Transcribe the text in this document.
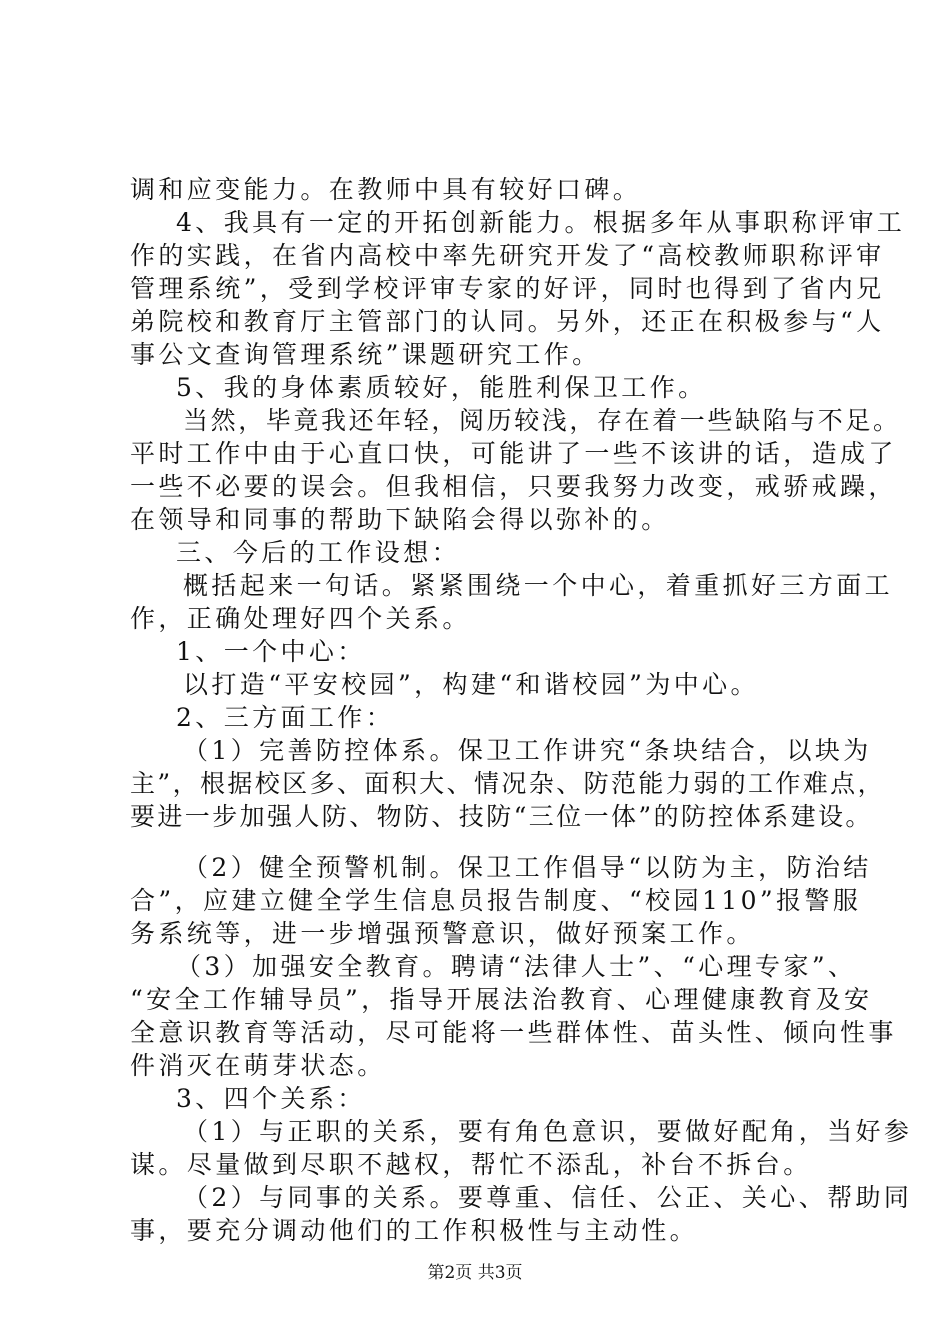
调和应变能力。在教师中具有较好口碑。
4、我具有一定的开拓创新能力。根据多年从事职称评审工
作的实践，在省内高校中率先研究开发了“高校教师职称评审
管理系统”，受到学校评审专家的好评，同时也得到了省内兄
弟院校和教育厅主管部门的认同。另外，还正在积极参与“人
事公文查询管理系统”课题研究工作。
5、我的身体素质较好，能胜利保卫工作。
当然，毕竟我还年轻，阅历较浅，存在着一些缺陷与不足。
平时工作中由于心直口快，可能讲了一些不该讲的话，造成了
一些不必要的误会。但我相信，只要我努力改变，戒骄戒躁，
在领导和同事的帮助下缺陷会得以弥补的。
三、今后的工作设想：
概括起来一句话。紧紧围绕一个中心，着重抓好三方面工
作，正确处理好四个关系。
1、一个中心：
以打造“平安校园”，构建“和谐校园”为中心。
2、三方面工作：
（1）完善防控体系。保卫工作讲究“条块结合，以块为
主”，根据校区多、面积大、情况杂、防范能力弱的工作难点，
要进一步加强人防、物防、技防“三位一体”的防控体系建设。
（2）健全预警机制。保卫工作倡导“以防为主，防治结
合”，应建立健全学生信息员报告制度、“校园110”报警服
务系统等，进一步增强预警意识，做好预案工作。
（3）加强安全教育。聘请“法律人士”、“心理专家”、
“安全工作辅导员”，指导开展法治教育、心理健康教育及安
全意识教育等活动，尽可能将一些群体性、苗头性、倾向性事
件消灭在萌芽状态。
3、四个关系：
（1）与正职的关系，要有角色意识，要做好配角，当好参
谋。尽量做到尽职不越权，帮忙不添乱，补台不拆台。
（2）与同事的关系。要尊重、信任、公正、关心、帮助同
事，要充分调动他们的工作积极性与主动性。
第2页 共3页
